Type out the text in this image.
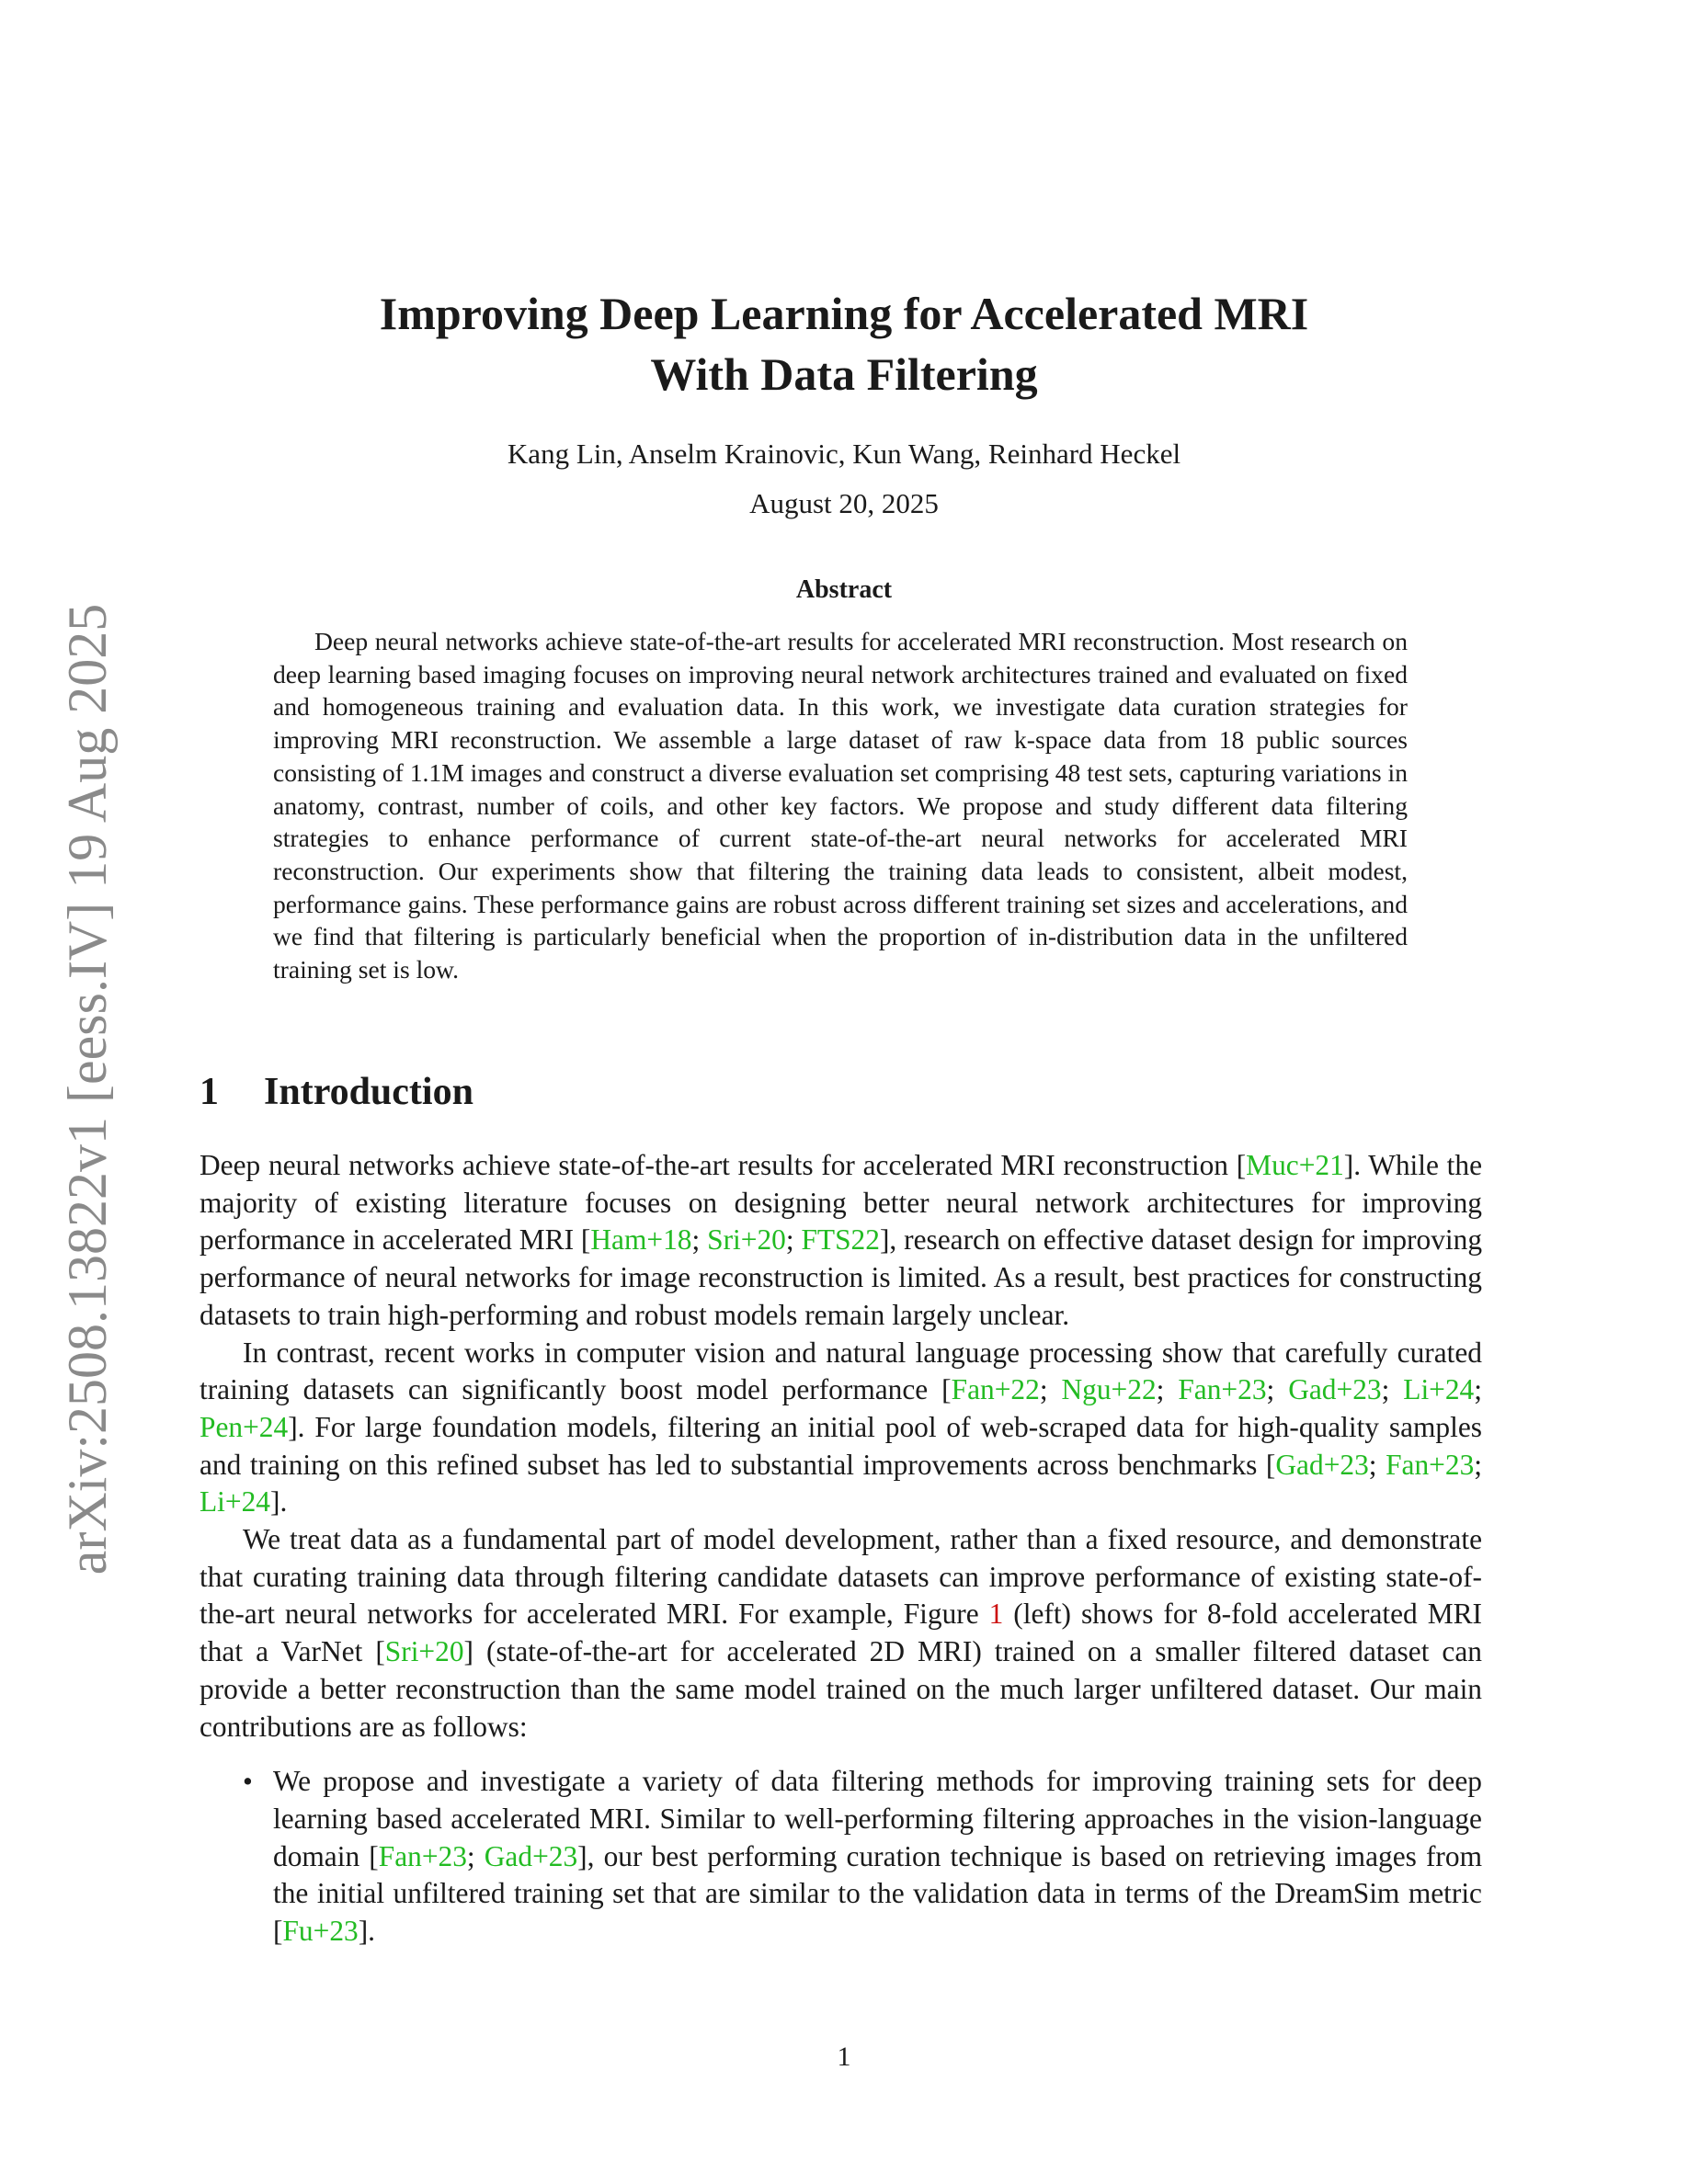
arXiv:2508.13822v1 [eess.IV] 19 Aug 2025
Improving Deep Learning for Accelerated MRI
With Data Filtering
Kang Lin, Anselm Krainovic, Kun Wang, Reinhard Heckel
August 20, 2025
Abstract

Deep neural networks achieve state-of-the-art results for accelerated MRI reconstruction. Most research on deep learning based imaging focuses on improving neural network architectures trained and evaluated on fixed and homogeneous training and evaluation data. In this work, we investigate data curation strategies for improving MRI reconstruction. We assemble a large dataset of raw k-space data from 18 public sources consisting of 1.1M images and construct a diverse evaluation set comprising 48 test sets, capturing variations in anatomy, contrast, number of coils, and other key factors. We propose and study different data filtering strategies to enhance performance of current state-of-the-art neural networks for accelerated MRI reconstruction. Our experiments show that filtering the training data leads to consistent, albeit modest, performance gains. These performance gains are robust across different training set sizes and accelerations, and we find that filtering is particularly beneficial when the proportion of in-distribution data in the unfiltered training set is low.

1 Introduction

Deep neural networks achieve state-of-the-art results for accelerated MRI reconstruction [Muc+21]. While the majority of existing literature focuses on designing better neural network architectures for improving performance in accelerated MRI [Ham+18; Sri+20; FTS22], research on effective dataset design for improving performance of neural networks for image reconstruction is limited. As a result, best practices for constructing datasets to train high-performing and robust models remain largely unclear.

In contrast, recent works in computer vision and natural language processing show that carefully curated training datasets can significantly boost model performance [Fan+22; Ngu+22; Fan+23; Gad+23; Li+24; Pen+24]. For large foundation models, filtering an initial pool of web-scraped data for high-quality samples and training on this refined subset has led to substantial improvements across benchmarks [Gad+23; Fan+23; Li+24].

We treat data as a fundamental part of model development, rather than a fixed resource, and demonstrate that curating training data through filtering candidate datasets can improve performance of existing state-of-the-art neural networks for accelerated MRI. For example, Figure 1 (left) shows for 8-fold accelerated MRI that a VarNet [Sri+20] (state-of-the-art for accelerated 2D MRI) trained on a smaller filtered dataset can provide a better reconstruction than the same model trained on the much larger unfiltered dataset. Our main contributions are as follows:

• We propose and investigate a variety of data filtering methods for improving training sets for deep learning based accelerated MRI. Similar to well-performing filtering approaches in the vision-language domain [Fan+23; Gad+23], our best performing curation technique is based on retrieving images from the initial unfiltered training set that are similar to the validation data in terms of the DreamSim metric [Fu+23].
1
